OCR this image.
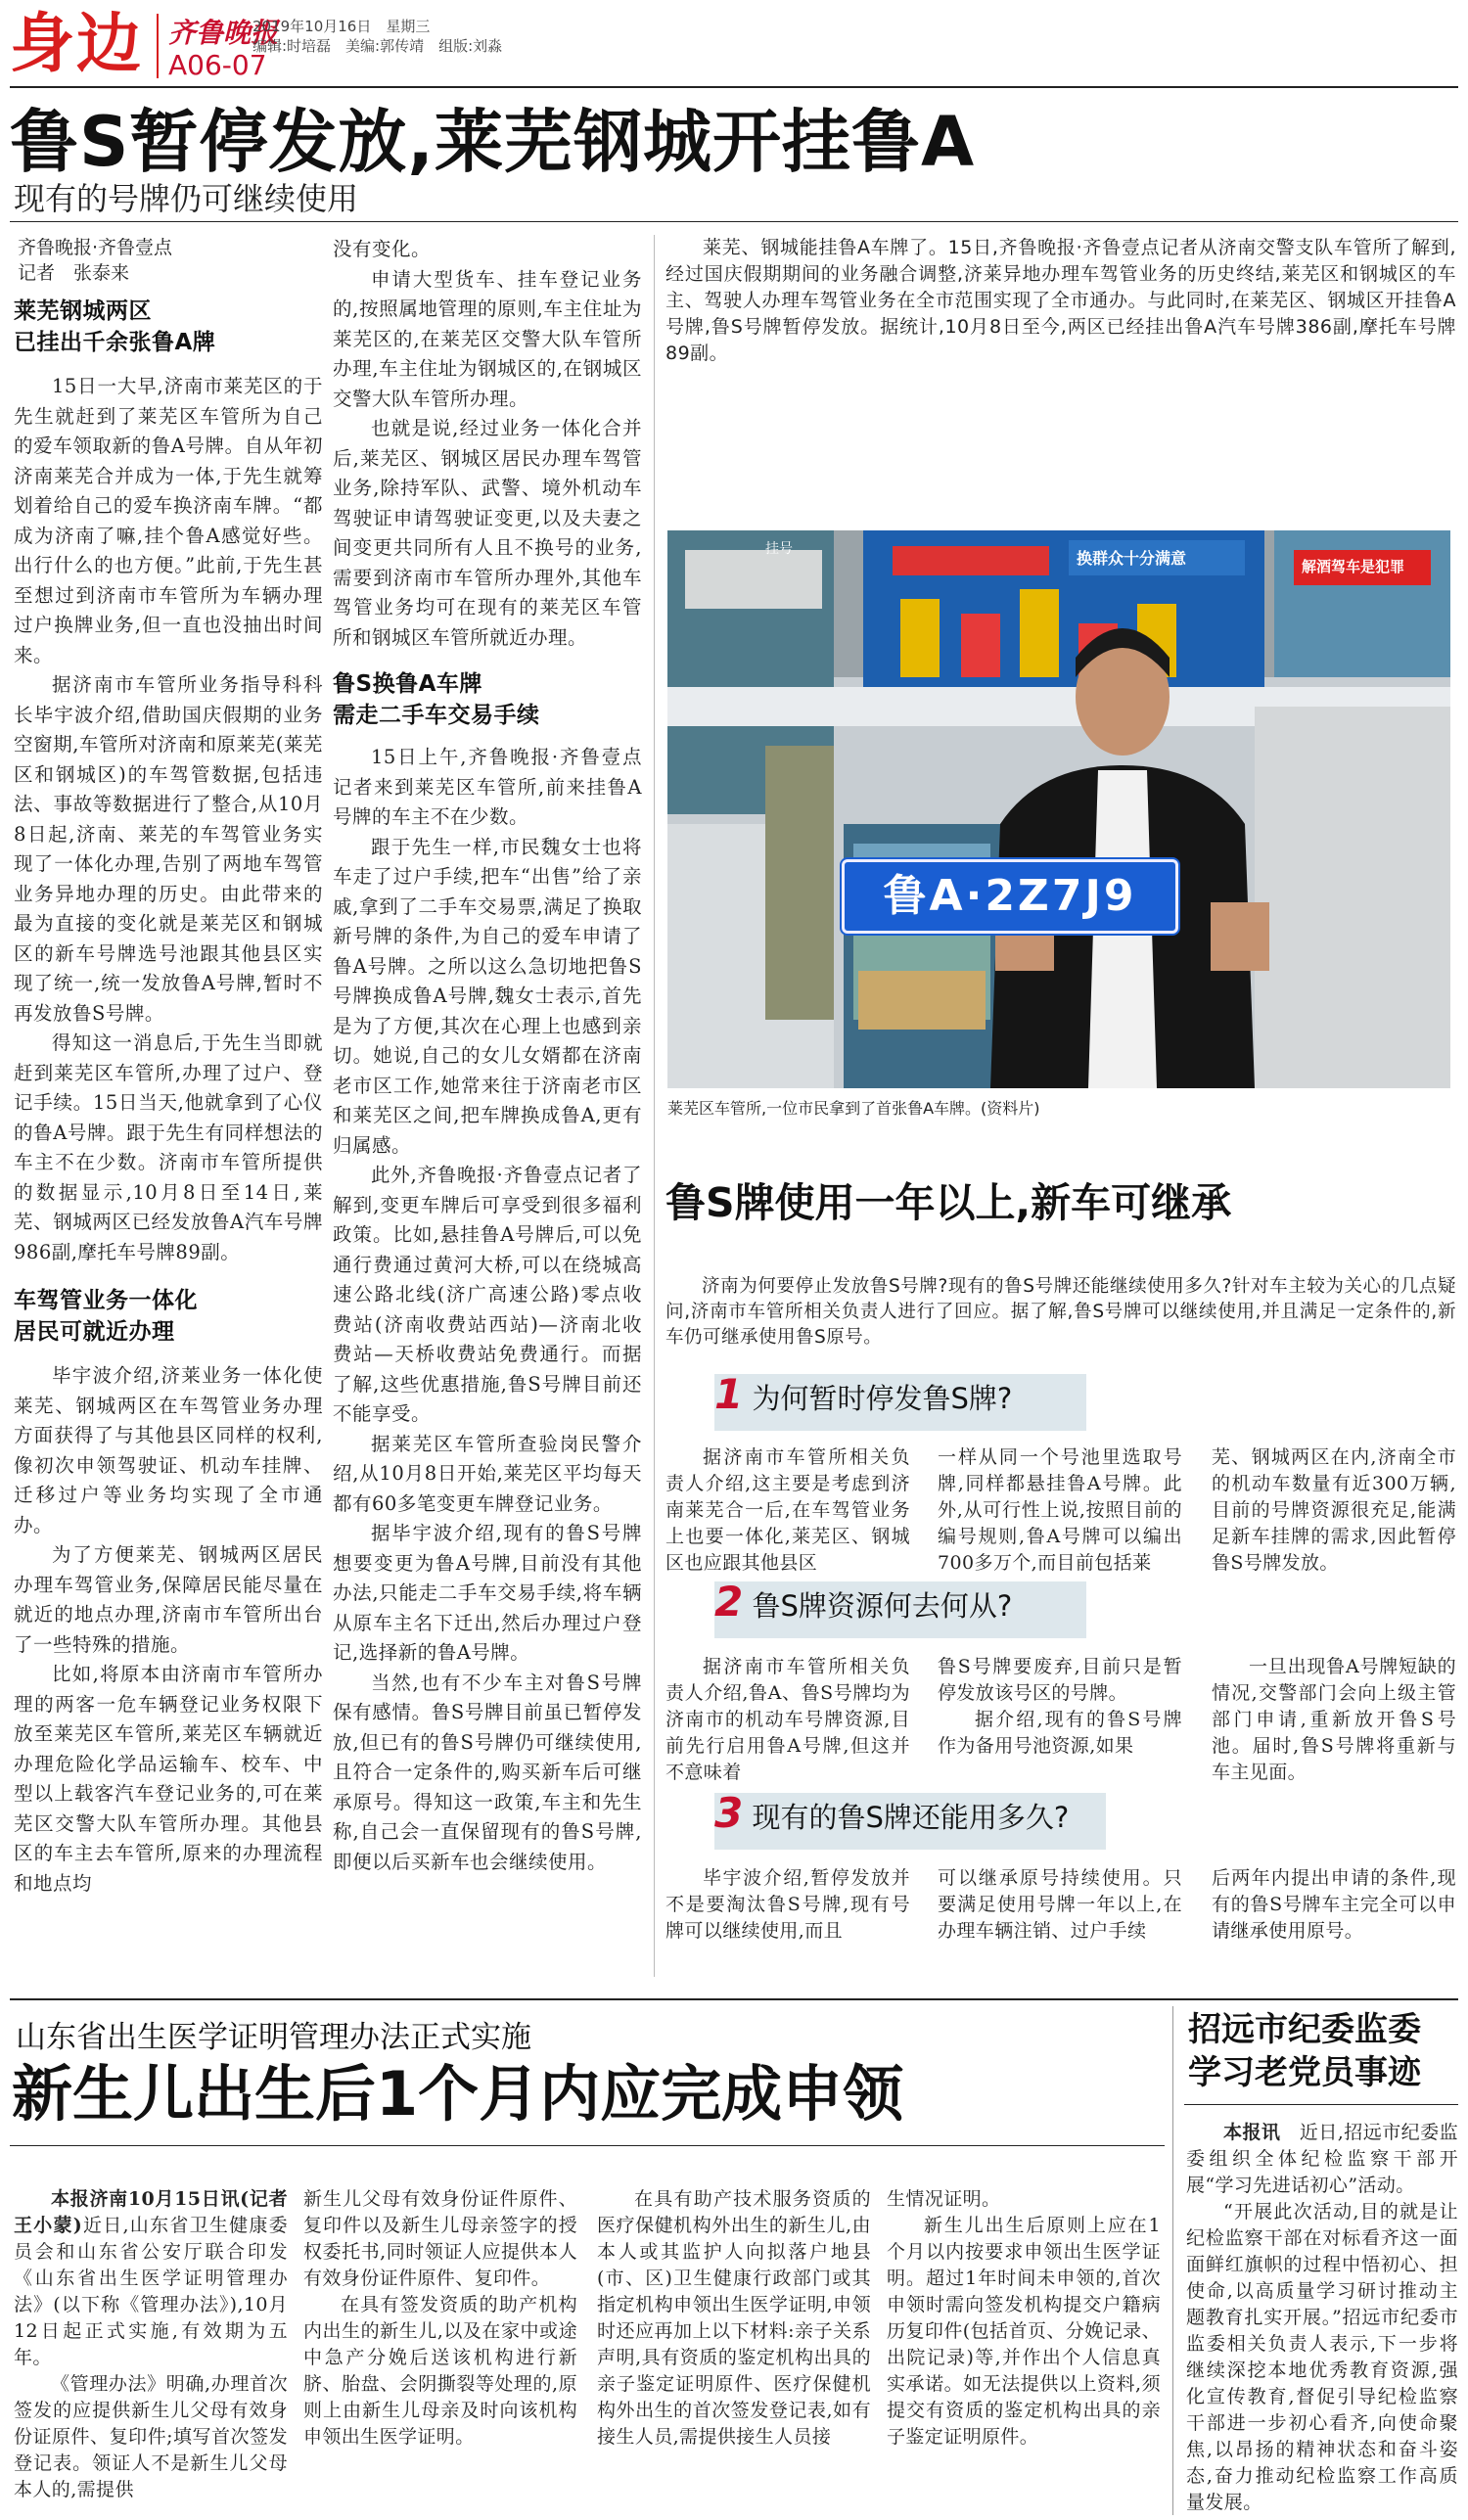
身边 齐鲁晚报
A06-07
2019年10月16日　星期三
编辑:时培磊　美编:郭传靖　组版:刘淼
鲁S暂停发放,莱芜钢城开挂鲁A
现有的号牌仍可继续使用
齐鲁晚报·齐鲁壹点
记者　张泰来
莱芜钢城两区
已挂出千余张鲁A牌

15日一大早,济南市莱芜区的于先生就赶到了莱芜区车管所为自己的爱车领取新的鲁A号牌。自从年初济南莱芜合并成为一体,于先生就筹划着给自己的爱车换济南车牌。“都成为济南了嘛,挂个鲁A感觉好些。出行什么的也方便。”此前,于先生甚至想过到济南市车管所为车辆办理过户换牌业务,但一直也没抽出时间来。

据济南市车管所业务指导科科长毕宇波介绍,借助国庆假期的业务空窗期,车管所对济南和原莱芜(莱芜区和钢城区)的车驾管数据,包括违法、事故等数据进行了整合,从10月8日起,济南、莱芜的车驾管业务实现了一体化办理,告别了两地车驾管业务异地办理的历史。由此带来的最为直接的变化就是莱芜区和钢城区的新车号牌选号池跟其他县区实现了统一,统一发放鲁A号牌,暂时不再发放鲁S号牌。

得知这一消息后,于先生当即就赶到莱芜区车管所,办理了过户、登记手续。15日当天,他就拿到了心仪的鲁A号牌。跟于先生有同样想法的车主不在少数。济南市车管所提供的数据显示,10月8日至14日,莱芜、钢城两区已经发放鲁A汽车号牌986副,摩托车号牌89副。

车驾管业务一体化
居民可就近办理

毕宇波介绍,济莱业务一体化使莱芜、钢城两区在车驾管业务办理方面获得了与其他县区同样的权利,像初次申领驾驶证、机动车挂牌、迁移过户等业务均实现了全市通办。

为了方便莱芜、钢城两区居民办理车驾管业务,保障居民能尽量在就近的地点办理,济南市车管所出台了一些特殊的措施。

比如,将原本由济南市车管所办理的两客一危车辆登记业务权限下放至莱芜区车管所,莱芜区车辆就近办理危险化学品运输车、校车、中型以上载客汽车登记业务的,可在莱芜区交警大队车管所办理。其他县区的车主去车管所,原来的办理流程和地点均

没有变化。

申请大型货车、挂车登记业务的,按照属地管理的原则,车主住址为莱芜区的,在莱芜区交警大队车管所办理,车主住址为钢城区的,在钢城区交警大队车管所办理。

也就是说,经过业务一体化合并后,莱芜区、钢城区居民办理车驾管业务,除持军队、武警、境外机动车驾驶证申请驾驶证变更,以及夫妻之间变更共同所有人且不换号的业务,需要到济南市车管所办理外,其他车驾管业务均可在现有的莱芜区车管所和钢城区车管所就近办理。

鲁S换鲁A车牌
需走二手车交易手续

15日上午,齐鲁晚报·齐鲁壹点记者来到莱芜区车管所,前来挂鲁A号牌的车主不在少数。

跟于先生一样,市民魏女士也将车走了过户手续,把车“出售”给了亲戚,拿到了二手车交易票,满足了换取新号牌的条件,为自己的爱车申请了鲁A号牌。之所以这么急切地把鲁S号牌换成鲁A号牌,魏女士表示,首先是为了方便,其次在心理上也感到亲切。她说,自己的女儿女婿都在济南老市区工作,她常来往于济南老市区和莱芜区之间,把车牌换成鲁A,更有归属感。

此外,齐鲁晚报·齐鲁壹点记者了解到,变更车牌后可享受到很多福利政策。比如,悬挂鲁A号牌后,可以免通行费通过黄河大桥,可以在绕城高速公路北线(济广高速公路)零点收费站(济南收费站西站)—济南北收费站—天桥收费站免费通行。而据了解,这些优惠措施,鲁S号牌目前还不能享受。

据莱芜区车管所查验岗民警介绍,从10月8日开始,莱芜区平均每天都有60多笔变更车牌登记业务。

据毕宇波介绍,现有的鲁S号牌想要变更为鲁A号牌,目前没有其他办法,只能走二手车交易手续,将车辆从原车主名下迁出,然后办理过户登记,选择新的鲁A号牌。

当然,也有不少车主对鲁S号牌保有感情。鲁S号牌目前虽已暂停发放,但已有的鲁S号牌仍可继续使用,且符合一定条件的,购买新车后可继承原号。得知这一政策,车主和先生称,自己会一直保留现有的鲁S号牌,即便以后买新车也会继续使用。

莱芜、钢城能挂鲁A车牌了。15日,齐鲁晚报·齐鲁壹点记者从济南交警支队车管所了解到,经过国庆假期期间的业务融合调整,济莱异地办理车驾管业务的历史终结,莱芜区和钢城区的车主、驾驶人办理车驾管业务在全市范围实现了全市通办。与此同时,在莱芜区、钢城区开挂鲁A号牌,鲁S号牌暂停发放。据统计,10月8日至今,两区已经挂出鲁A汽车号牌386副,摩托车号牌89副。

鲁A·2Z7J9
挂号	换群众十分满意	解酒驾车是犯罪
莱芜区车管所,一位市民拿到了首张鲁A车牌。(资料片)
鲁S牌使用一年以上,新车可继承

济南为何要停止发放鲁S号牌?现有的鲁S号牌还能继续使用多久?针对车主较为关心的几点疑问,济南市车管所相关负责人进行了回应。据了解,鲁S号牌可以继续使用,并且满足一定条件的,新车仍可继承使用鲁S原号。

1 为何暂时停发鲁S牌?

据济南市车管所相关负责人介绍,这主要是考虑到济南莱芜合一后,在车驾管业务上也要一体化,莱芜区、钢城区也应跟其他县区

一样从同一个号池里选取号牌,同样都悬挂鲁A号牌。此外,从可行性上说,按照目前的编号规则,鲁A号牌可以编出700多万个,而目前包括莱

芜、钢城两区在内,济南全市的机动车数量有近300万辆,目前的号牌资源很充足,能满足新车挂牌的需求,因此暂停鲁S号牌发放。

2 鲁S牌资源何去何从?

据济南市车管所相关负责人介绍,鲁A、鲁S号牌均为济南市的机动车号牌资源,目前先行启用鲁A号牌,但这并不意味着

鲁S号牌要废弃,目前只是暂停发放该号区的号牌。

据介绍,现有的鲁S号牌作为备用号池资源,如果

一旦出现鲁A号牌短缺的情况,交警部门会向上级主管部门申请,重新放开鲁S号池。届时,鲁S号牌将重新与车主见面。

3 现有的鲁S牌还能用多久?

毕宇波介绍,暂停发放并不是要淘汰鲁S号牌,现有号牌可以继续使用,而且

可以继承原号持续使用。只要满足使用号牌一年以上,在办理车辆注销、过户手续

后两年内提出申请的条件,现有的鲁S号牌车主完全可以申请继承使用原号。

山东省出生医学证明管理办法正式实施
新生儿出生后1个月内应完成申领

本报济南10月15日讯(记者　王小蒙)近日,山东省卫生健康委员会和山东省公安厅联合印发《山东省出生医学证明管理办法》(以下称《管理办法》),10月12日起正式实施,有效期为五年。

《管理办法》明确,办理首次签发的应提供新生儿父母有效身份证原件、复印件;填写首次签发登记表。领证人不是新生儿父母本人的,需提供

新生儿父母有效身份证件原件、复印件以及新生儿母亲签字的授权委托书,同时领证人应提供本人有效身份证件原件、复印件。

在具有签发资质的助产机构内出生的新生儿,以及在家中或途中急产分娩后送该机构进行新脐、胎盘、会阴撕裂等处理的,原则上由新生儿母亲及时向该机构申领出生医学证明。

在具有助产技术服务资质的医疗保健机构外出生的新生儿,由本人或其监护人向拟落户地县(市、区)卫生健康行政部门或其指定机构申领出生医学证明,申领时还应再加上以下材料:亲子关系声明,具有资质的鉴定机构出具的亲子鉴定证明原件、医疗保健机构外出生的首次签发登记表,如有接生人员,需提供接生人员接

生情况证明。

新生儿出生后原则上应在1个月以内按要求申领出生医学证明。超过1年时间未申领的,首次申领时需向签发机构提交户籍病历复印件(包括首页、分娩记录、出院记录)等,并作出个人信息真实承诺。如无法提供以上资料,须提交有资质的鉴定机构出具的亲子鉴定证明原件。

招远市纪委监委
学习老党员事迹

本报讯　 近日,招远市纪委监委组织全体纪检监察干部开展“学习先进话初心”活动。

“开展此次活动,目的就是让纪检监察干部在对标看齐这一面面鲜红旗帜的过程中悟初心、担使命,以高质量学习研讨推动主题教育扎实开展。”招远市纪委市监委相关负责人表示,下一步将继续深挖本地优秀教育资源,强化宣传教育,督促引导纪检监察干部进一步初心看齐,向使命聚焦,以昂扬的精神状态和奋斗姿态,奋力推动纪检监察工作高质量发展。
